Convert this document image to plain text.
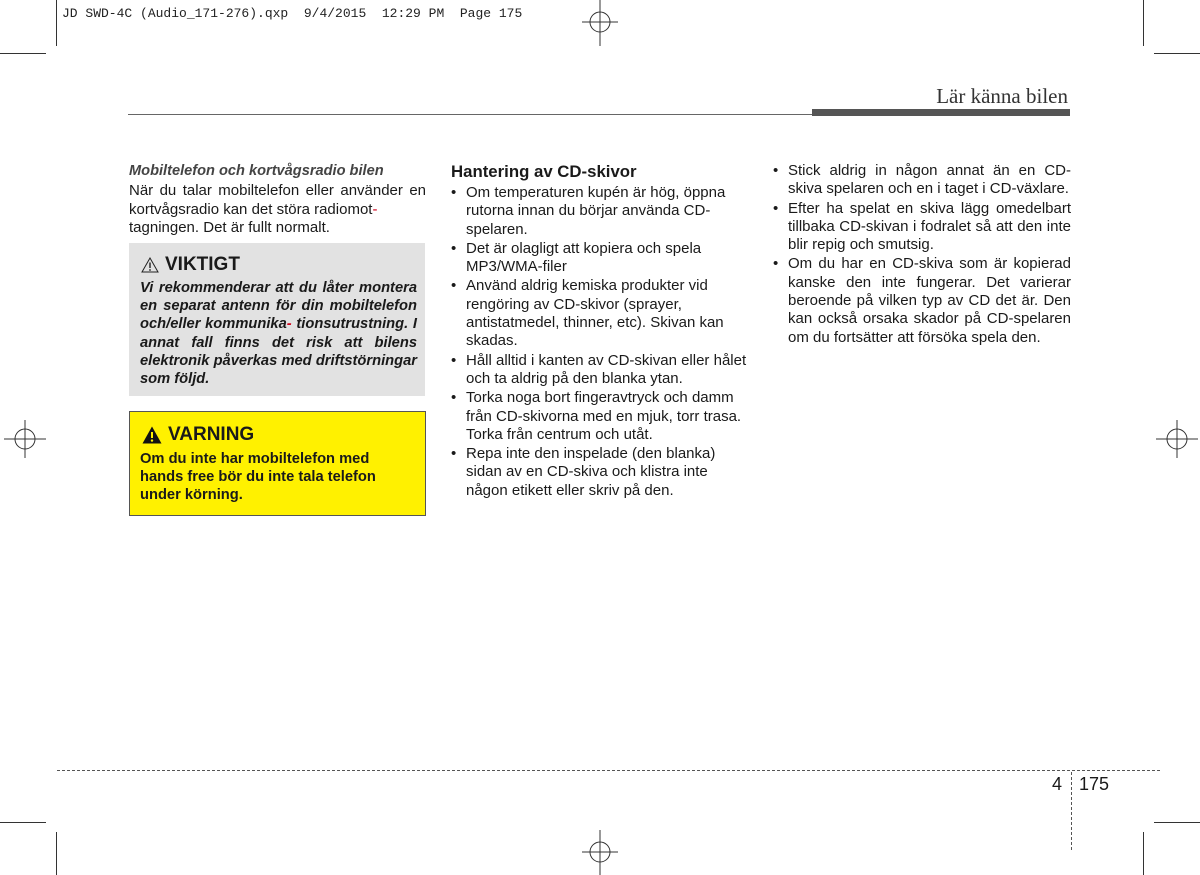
JD SWD-4C (Audio_171-276).qxp  9/4/2015  12:29 PM  Page 175
Lär känna bilen
Mobiltelefon och kortvågsradio bilen
När du talar mobiltelefon eller använder en kortvågsradio kan det störa radiomot-
tagningen. Det är fullt normalt.
VIKTIGT
Vi rekommenderar att du låter montera en separat antenn för din mobiltelefon och/eller kommunika- tionsutrustning. I annat fall finns det risk att bilens elektronik påverkas med driftstörningar som följd.
VARNING
Om du inte har mobiltelefon med hands free bör du inte tala telefon under körning.
Hantering av CD-skivor
• Om temperaturen kupén är hög, öppna rutorna innan du börjar använda CD-spelaren.
• Det är olagligt att kopiera och spela MP3/WMA-filer
• Använd aldrig kemiska produkter vid rengöring av CD-skivor (sprayer, antistatmedel, thinner, etc). Skivan kan skadas.
• Håll alltid i kanten av CD-skivan eller hålet och ta aldrig på den blanka ytan.
• Torka noga bort fingeravtryck och damm från CD-skivorna med en mjuk, torr trasa. Torka från centrum och utåt.
• Repa inte den inspelade (den blanka) sidan av en CD-skiva och klistra inte någon etikett eller skriv på den.
• Stick aldrig in någon annat än en CD-skiva spelaren och en i taget i CD-växlare.
• Efter ha spelat en skiva lägg omedelbart tillbaka CD-skivan i fodralet så att den inte blir repig och smutsig.
• Om du har en CD-skiva som är kopierad kanske den inte fungerar. Det varierar beroende på vilken typ av CD det är. Den kan också orsaka skador på CD-spelaren om du fortsätter att försöka spela den.
4 175
